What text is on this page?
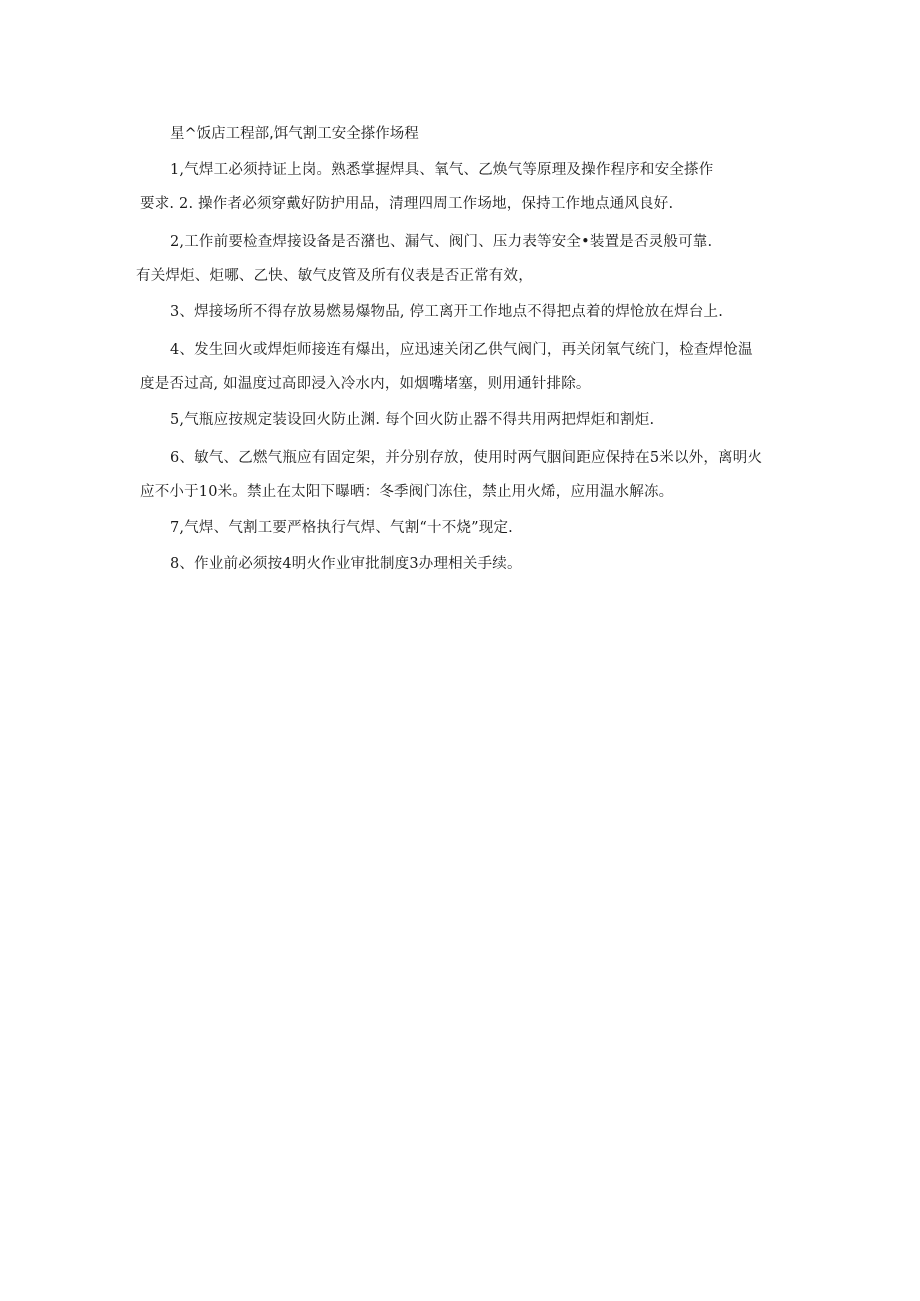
星^饭店工程部,饵气割工安全搽作场程
1,气焊工必须持证上岗。熟悉掌握焊具、氧气、乙焕气等原理及操作程序和安全搽作
要求. 2. 操作者必须穿戴好防护用品，清理四周工作场地，保持工作地点通风良好.
2,工作前要检查焊接设备是否潴也、漏气、阀门、压力表等安全•装置是否灵般可靠.
有关焊炬、炬哪、乙快、敏气皮管及所有仪表是否正常有效，
3、焊接场所不得存放易燃易爆物品, 停工离开工作地点不得把点着的焊怆放在焊台上.
4、发生回火或焊炬师接连有爆出，应迅速关闭乙供气阀门，再关闭氧气统门，检查焊怆温
度是否过高, 如温度过高即浸入冷水内，如烟嘴堵塞，则用通针排除。
5,气瓶应按规定装设回火防止渊. 每个回火防止器不得共用两把焊炬和割炬.
6、敏气、乙燃气瓶应有固定架，并分别存放，使用时两气胭间距应保持在5米以外，离明火
应不小于10米。禁止在太阳下曝晒：冬季阀门冻住，禁止用火烯，应用温水解冻。
7,气焊、气割工要严格执行气焊、气割“十不烧”现定.
8、作业前必须按4明火作业审批制度3办理相关手续。
